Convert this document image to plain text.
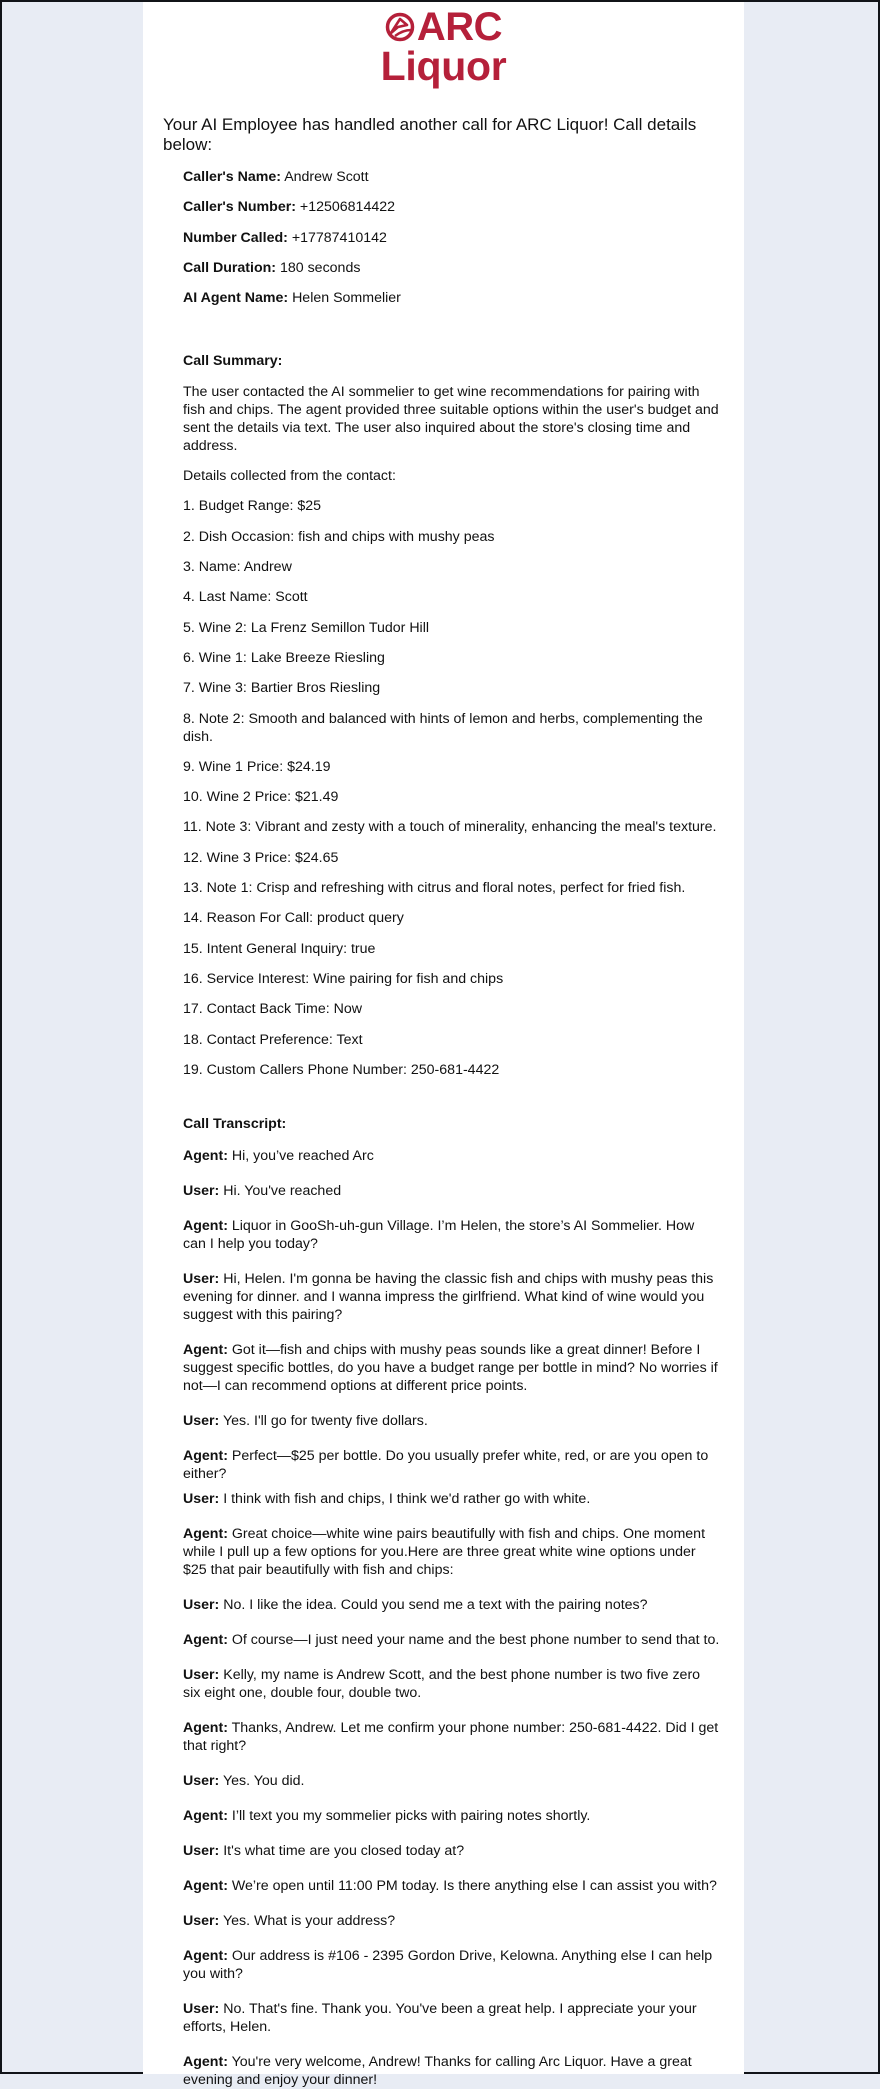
ARC
Liquor
Your AI Employee has handled another call for ARC Liquor! Call details below:
Caller's Name: Andrew Scott
Caller's Number: +12506814422
Number Called: +17787410142
Call Duration: 180 seconds
AI Agent Name: Helen Sommelier
Call Summary:

The user contacted the AI sommelier to get wine recommendations for pairing with fish and chips. The agent provided three suitable options within the user's budget and sent the details via text. The user also inquired about the store's closing time and address.

Details collected from the contact:

1. Budget Range: $25

2. Dish Occasion: fish and chips with mushy peas

3. Name: Andrew

4. Last Name: Scott

5. Wine 2: La Frenz Semillon Tudor Hill

6. Wine 1: Lake Breeze Riesling

7. Wine 3: Bartier Bros Riesling

8. Note 2: Smooth and balanced with hints of lemon and herbs, complementing the dish.

9. Wine 1 Price: $24.19

10. Wine 2 Price: $21.49

11. Note 3: Vibrant and zesty with a touch of minerality, enhancing the meal's texture.

12. Wine 3 Price: $24.65

13. Note 1: Crisp and refreshing with citrus and floral notes, perfect for fried fish.

14. Reason For Call: product query

15. Intent General Inquiry: true

16. Service Interest: Wine pairing for fish and chips

17. Contact Back Time: Now

18. Contact Preference: Text

19. Custom Callers Phone Number: 250-681-4422

Call Transcript:

Agent: Hi, you’ve reached Arc

User: Hi. You've reached

Agent: Liquor in GooSh-uh-gun Village. I’m Helen, the store’s AI Sommelier. How can I help you today?

User: Hi, Helen. I'm gonna be having the classic fish and chips with mushy peas this evening for dinner. and I wanna impress the girlfriend. What kind of wine would you suggest with this pairing?

Agent: Got it—fish and chips with mushy peas sounds like a great dinner! Before I suggest specific bottles, do you have a budget range per bottle in mind? No worries if not—I can recommend options at different price points.

User: Yes. I'll go for twenty five dollars.

Agent: Perfect—$25 per bottle. Do you usually prefer white, red, or are you open to either?

User: I think with fish and chips, I think we'd rather go with white.

Agent: Great choice—white wine pairs beautifully with fish and chips. One moment while I pull up a few options for you.Here are three great white wine options under $25 that pair beautifully with fish and chips:

User: No. I like the idea. Could you send me a text with the pairing notes?

Agent: Of course—I just need your name and the best phone number to send that to.

User: Kelly, my name is Andrew Scott, and the best phone number is two five zero six eight one, double four, double two.

Agent: Thanks, Andrew. Let me confirm your phone number: 250-681-4422. Did I get that right?

User: Yes. You did.

Agent: I’ll text you my sommelier picks with pairing notes shortly.

User: It's what time are you closed today at?

Agent: We’re open until 11:00 PM today. Is there anything else I can assist you with?

User: Yes. What is your address?

Agent: Our address is #106 - 2395 Gordon Drive, Kelowna. Anything else I can help you with?

User: No. That's fine. Thank you. You've been a great help. I appreciate your your efforts, Helen.

Agent: You're very welcome, Andrew! Thanks for calling Arc Liquor. Have a great evening and enjoy your dinner!
